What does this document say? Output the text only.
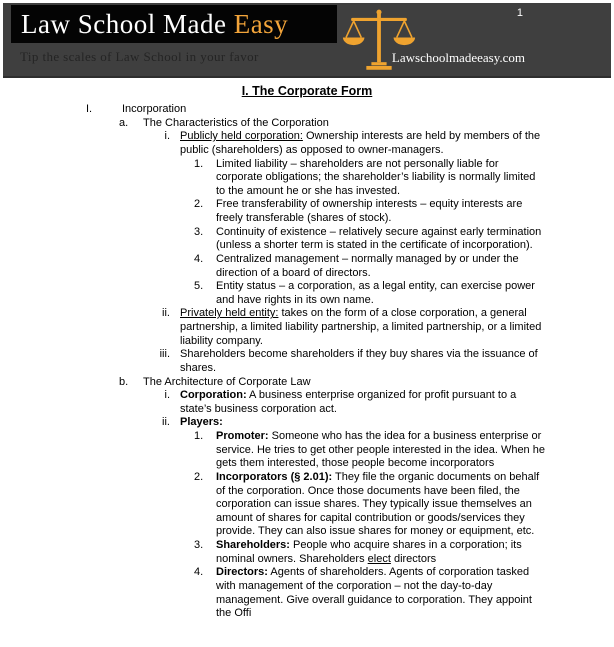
Law School Made Easy
Tip the scales of Law School in your favor	Lawschoolmadeeasy.com
1
I. The Corporate Form
I.	Incorporation
a.	The Characteristics of the Corporation
i. Publicly held corporation: Ownership interests are held by members of the public (shareholders) as opposed to owner-managers.
1.	Limited liability – shareholders are not personally liable for corporate obligations; the shareholder’s liability is normally limited to the amount he or she has invested.
2.	Free transferability of ownership interests – equity interests are freely transferable (shares of stock).
3.	Continuity of existence – relatively secure against early termination (unless a shorter term is stated in the certificate of incorporation).
4.	Centralized management – normally managed by or under the direction of a board of directors.
5.	Entity status – a corporation, as a legal entity, can exercise power and have rights in its own name.
ii. Privately held entity: takes on the form of a close corporation, a general partnership, a limited liability partnership, a limited partnership, or a limited liability company.
iii. Shareholders become shareholders if they buy shares via the issuance of shares.
b.	The Architecture of Corporate Law
i. Corporation: A business enterprise organized for profit pursuant to a state’s business corporation act.
ii. Players:
1.	Promoter: Someone who has the idea for a business enterprise or service. He tries to get other people interested in the idea. When he gets them interested, those people become incorporators
2.	Incorporators (§ 2.01): They file the organic documents on behalf of the corporation. Once those documents have been filed, the corporation can issue shares. They typically issue themselves an amount of shares for capital contribution or goods/services they provide. They can also issue shares for money or equipment, etc.
3.	Shareholders: People who acquire shares in a corporation; its nominal owners. Shareholders elect directors
4.	Directors: Agents of shareholders. Agents of corporation tasked with management of the corporation – not the day-to-day management. Give overall guidance to corporation. They appoint the Offi
